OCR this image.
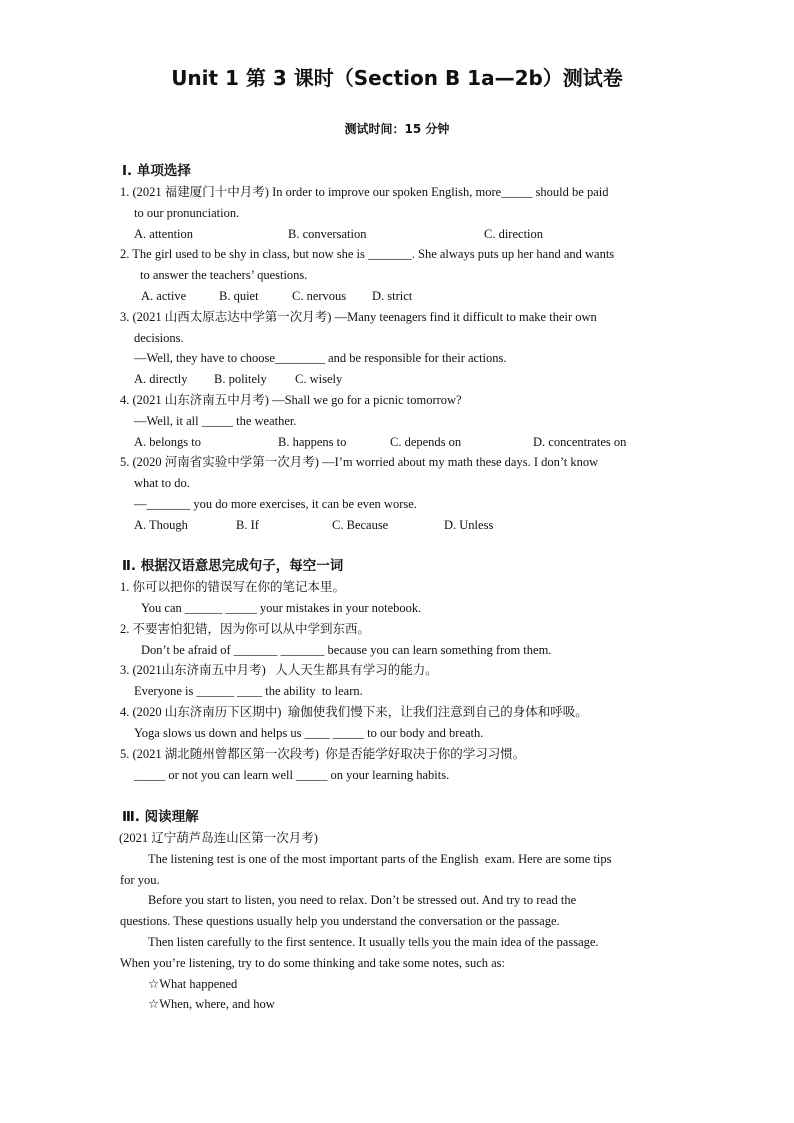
Unit 1 第 3 课时（Section B 1a—2b）测试卷
测试时间：15 分钟
Ⅰ. 单项选择
1. (2021 福建厦门十中月考) In order to improve our spoken English, more_____ should be paid
to our pronunciation.
A. attention	B. conversation	C. direction
2. The girl used to be shy in class, but now she is _______. She always puts up her hand and wants
to answer the teachers’ questions.
A. active	B. quiet	C. nervous D. strict
3. (2021 山西太原志达中学第一次月考) —Many teenagers find it difficult to make their own
decisions.
—Well, they have to choose________ and be responsible for their actions.
A. directly B. politely C. wisely
4. (2021 山东济南五中月考) —Shall we go for a picnic tomorrow?
—Well, it all _____ the weather.
A. belongs to	B. happens to	C. depends on	D. concentrates on
5. (2020 河南省实验中学第一次月考) —I’m worried about my math these days. I don’t know
what to do.
—_______ you do more exercises, it can be even worse.
A. Though	B. If	C. Because	D. Unless
Ⅱ. 根据汉语意思完成句子，每空一词
1. 你可以把你的错误写在你的笔记本里。
You can ______ _____ your mistakes in your notebook.
2. 不要害怕犯错，因为你可以从中学到东西。
Don’t be afraid of _______ _______ because you can learn something from them.
3. (2021山东济南五中月考)   人人天生都具有学习的能力。
Everyone is ______ ____ the ability  to learn.
4. (2020 山东济南历下区期中)  瑜伽使我们慢下来，让我们注意到自己的身体和呼吸。
Yoga slows us down and helps us ____ _____ to our body and breath.
5. (2021 湖北随州曾都区第一次段考)  你是否能学好取决于你的学习习惯。
_____ or not you can learn well _____ on your learning habits.
Ⅲ. 阅读理解
(2021 辽宁葫芦岛连山区第一次月考)
The listening test is one of the most important parts of the English  exam. Here are some tips
for you.
Before you start to listen, you need to relax. Don’t be stressed out. And try to read the
questions. These questions usually help you understand the conversation or the passage.
Then listen carefully to the first sentence. It usually tells you the main idea of the passage.
When you’re listening, try to do some thinking and take some notes, such as:
☆What happened
☆When, where, and how
